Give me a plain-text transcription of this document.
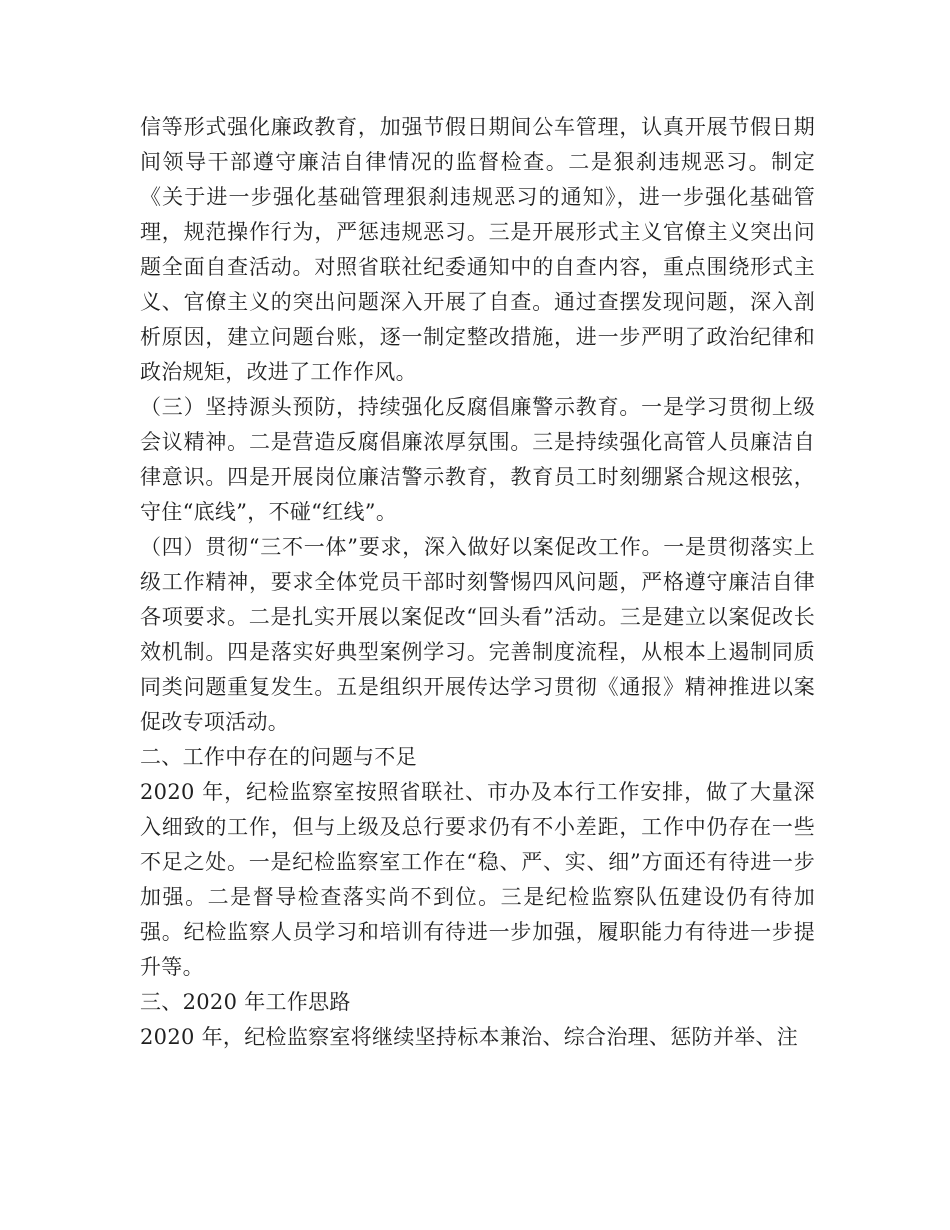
信等形式强化廉政教育，加强节假日期间公车管理，认真开展节假日期间领导干部遵守廉洁自律情况的监督检查。二是狠刹违规恶习。制定《关于进一步强化基础管理狠刹违规恶习的通知》，进一步强化基础管理，规范操作行为，严惩违规恶习。三是开展形式主义官僚主义突出问题全面自查活动。对照省联社纪委通知中的自查内容，重点围绕形式主义、官僚主义的突出问题深入开展了自查。通过查摆发现问题，深入剖析原因，建立问题台账，逐一制定整改措施，进一步严明了政治纪律和政治规矩，改进了工作作风。

（三）坚持源头预防，持续强化反腐倡廉警示教育。一是学习贯彻上级会议精神。二是营造反腐倡廉浓厚氛围。三是持续强化高管人员廉洁自律意识。四是开展岗位廉洁警示教育，教育员工时刻绷紧合规这根弦，守住“底线”，不碰“红线”。

（四）贯彻“三不一体”要求，深入做好以案促改工作。一是贯彻落实上级工作精神，要求全体党员干部时刻警惕四风问题，严格遵守廉洁自律各项要求。二是扎实开展以案促改“回头看”活动。三是建立以案促改长效机制。四是落实好典型案例学习。完善制度流程，从根本上遏制同质同类问题重复发生。五是组织开展传达学习贯彻《通报》精神推进以案促改专项活动。

二、工作中存在的问题与不足

2020 年，纪检监察室按照省联社、市办及本行工作安排，做了大量深入细致的工作，但与上级及总行要求仍有不小差距，工作中仍存在一些不足之处。一是纪检监察室工作在“稳、严、实、细”方面还有待进一步加强。二是督导检查落实尚不到位。三是纪检监察队伍建设仍有待加强。纪检监察人员学习和培训有待进一步加强，履职能力有待进一步提升等。

三、2020 年工作思路

2020 年，纪检监察室将继续坚持标本兼治、综合治理、惩防并举、注
